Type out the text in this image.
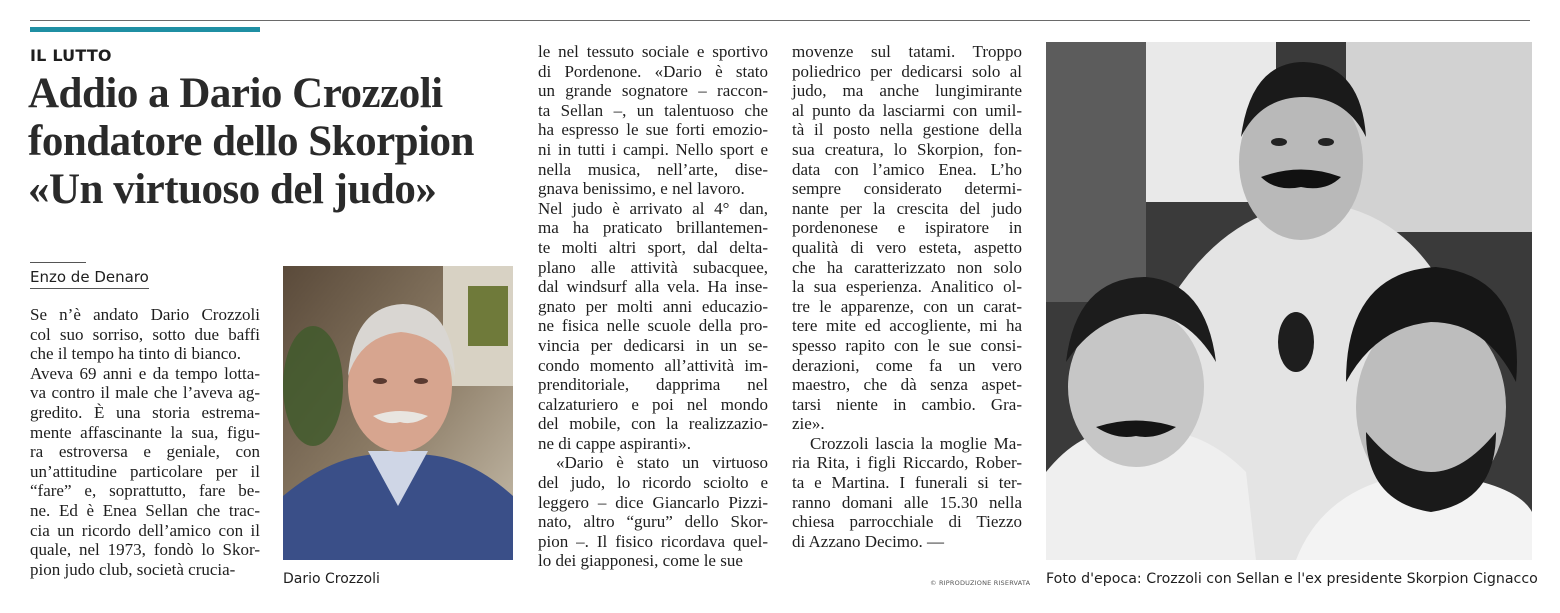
IL LUTTO
Addio a Dario Crozzoli
fondatore dello Skorpion
«Un virtuoso del judo»
Enzo de Denaro
Se n’è andato Dario Crozzoli
col suo sorriso, sotto due baffi
che il tempo ha tinto di bianco.
Aveva 69 anni e da tempo lotta-
va contro il male che l’aveva ag-
gredito. È una storia estrema-
mente affascinante la sua, figu-
ra estroversa e geniale, con
un’attitudine particolare per il
“fare” e, soprattutto, fare be-
ne. Ed è Enea Sellan che trac-
cia un ricordo dell’amico con il
quale, nel 1973, fondò lo Skor-
pion judo club, società crucia-
le nel tessuto sociale e sportivo
di Pordenone. «Dario è stato
un grande sognatore – raccon-
ta Sellan –, un talentuoso che
ha espresso le sue forti emozio-
ni in tutti i campi. Nello sport e
nella musica, nell’arte, dise-
gnava benissimo, e nel lavoro.
Nel judo è arrivato al 4° dan,
ma ha praticato brillantemen-
te molti altri sport, dal delta-
plano alle attività subacquee,
dal windsurf alla vela. Ha inse-
gnato per molti anni educazio-
ne fisica nelle scuole della pro-
vincia per dedicarsi in un se-
condo momento all’attività im-
prenditoriale, dapprima nel
calzaturiero e poi nel mondo
del mobile, con la realizzazio-
ne di cappe aspiranti».
«Dario è stato un virtuoso
del judo, lo ricordo sciolto e
leggero – dice Giancarlo Pizzi-
nato, altro “guru” dello Skor-
pion –. Il fisico ricordava quel-
lo dei giapponesi, come le sue
movenze sul tatami. Troppo
poliedrico per dedicarsi solo al
judo, ma anche lungimirante
al punto da lasciarmi con umil-
tà il posto nella gestione della
sua creatura, lo Skorpion, fon-
data con l’amico Enea. L’ho
sempre considerato determi-
nante per la crescita del judo
pordenonese e ispiratore in
qualità di vero esteta, aspetto
che ha caratterizzato non solo
la sua esperienza. Analitico ol-
tre le apparenze, con un carat-
tere mite ed accogliente, mi ha
spesso rapito con le sue consi-
derazioni, come fa un vero
maestro, che dà senza aspet-
tarsi niente in cambio. Gra-
zie».
Crozzoli lascia la moglie Ma-
ria Rita, i figli Riccardo, Rober-
ta e Martina. I funerali si ter-
ranno domani alle 15.30 nella
chiesa parrocchiale di Tiezzo
di Azzano Decimo. —
Dario Crozzoli	Foto d'epoca: Crozzoli con Sellan e l'ex presidente Skorpion Cignacco
© RIPRODUZIONE RISERVATA
